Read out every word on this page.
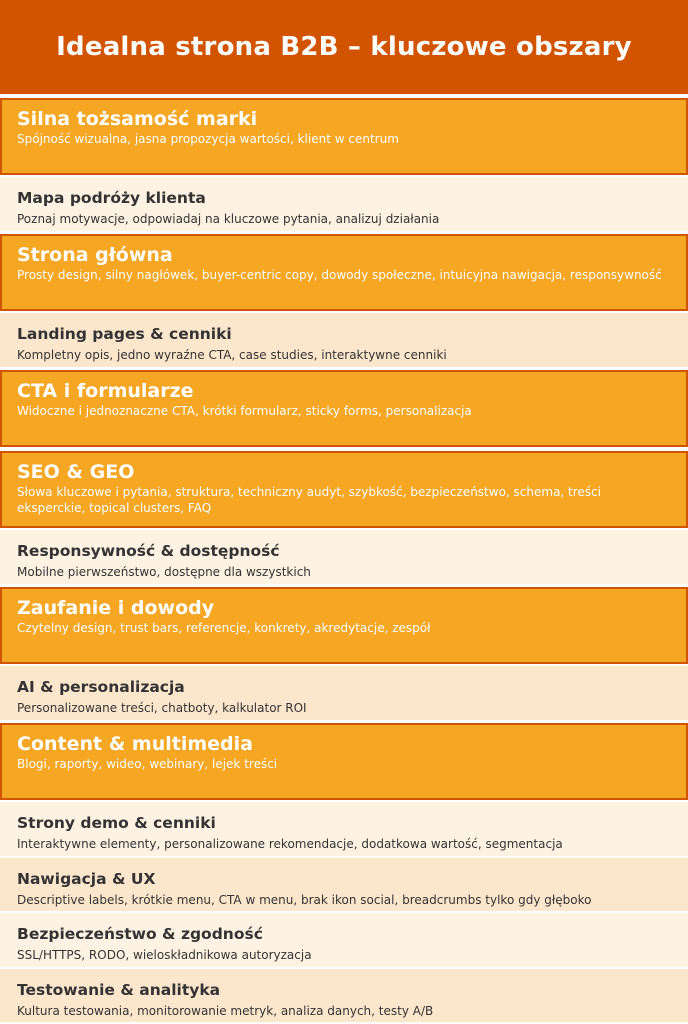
Idealna strona B2B – kluczowe obszary
Silna tożsamość marki
Spójność wizualna, jasna propozycja wartości, klient w centrum
Mapa podróży klienta
Poznaj motywacje, odpowiadaj na kluczowe pytania, analizuj działania
Strona główna
Prosty design, silny nagłówek, buyer-centric copy, dowody społeczne, intuicyjna nawigacja, responsywność
Landing pages & cenniki
Kompletny opis, jedno wyraźne CTA, case studies, interaktywne cenniki
CTA i formularze
Widoczne i jednoznaczne CTA, krótki formularz, sticky forms, personalizacja
SEO & GEO
Słowa kluczowe i pytania, struktura, techniczny audyt, szybkość, bezpieczeństwo, schema, treści eksperckie, topical clusters, FAQ
Responsywność & dostępność
Mobilne pierwszeństwo, dostępne dla wszystkich
Zaufanie i dowody
Czytelny design, trust bars, referencje, konkrety, akredytacje, zespół
AI & personalizacja
Personalizowane treści, chatboty, kalkulator ROI
Content & multimedia
Blogi, raporty, wideo, webinary, lejek treści
Strony demo & cenniki
Interaktywne elementy, personalizowane rekomendacje, dodatkowa wartość, segmentacja
Nawigacja & UX
Descriptive labels, krótkie menu, CTA w menu, brak ikon social, breadcrumbs tylko gdy głęboko
Bezpieczeństwo & zgodność
SSL/HTTPS, RODO, wieloskładnikowa autoryzacja
Testowanie & analityka
Kultura testowania, monitorowanie metryk, analiza danych, testy A/B
